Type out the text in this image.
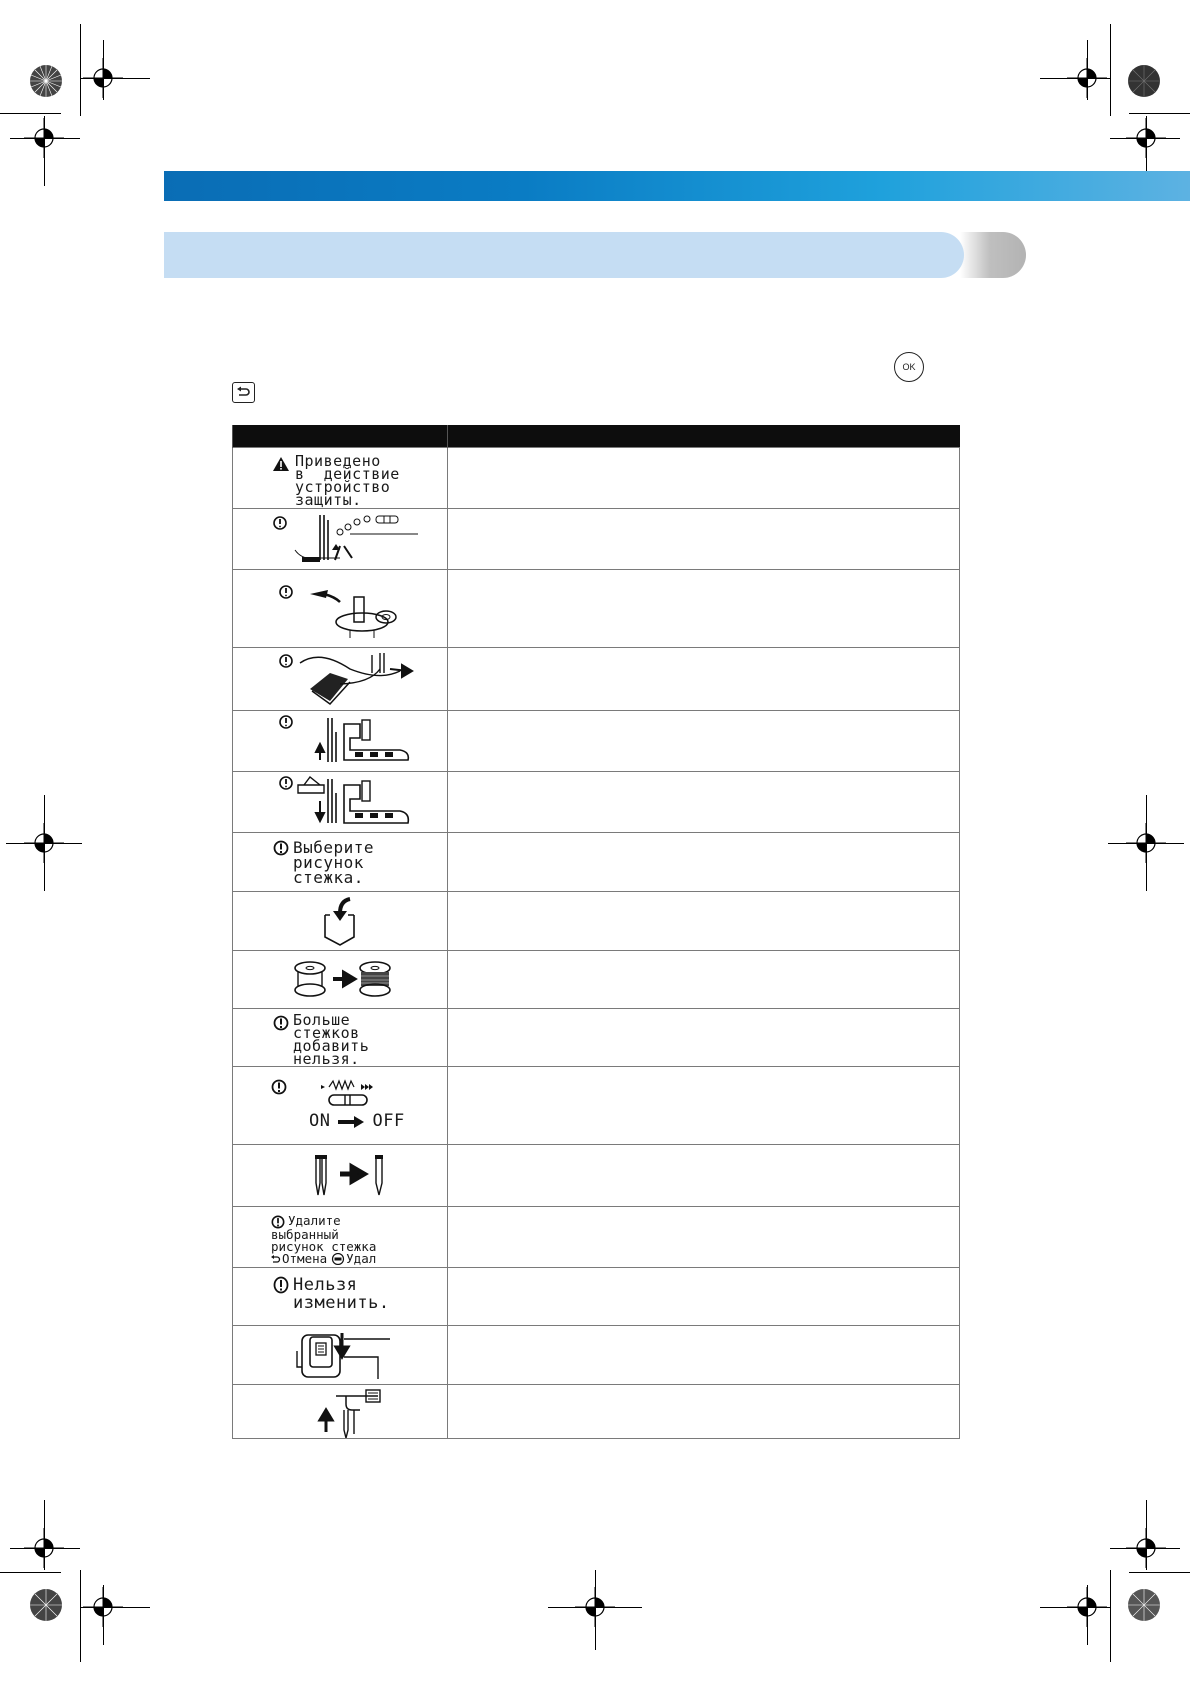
OK

Приведено
в  действие
устройство
защиты.	

Выберите
рисунок
стежка.	

Больше
стежков
добавить
нельзя.	

ON OFF	

Удалите
выбранный
рисунок стежка
Отмена Удал	

Нельзя
изменить.	
